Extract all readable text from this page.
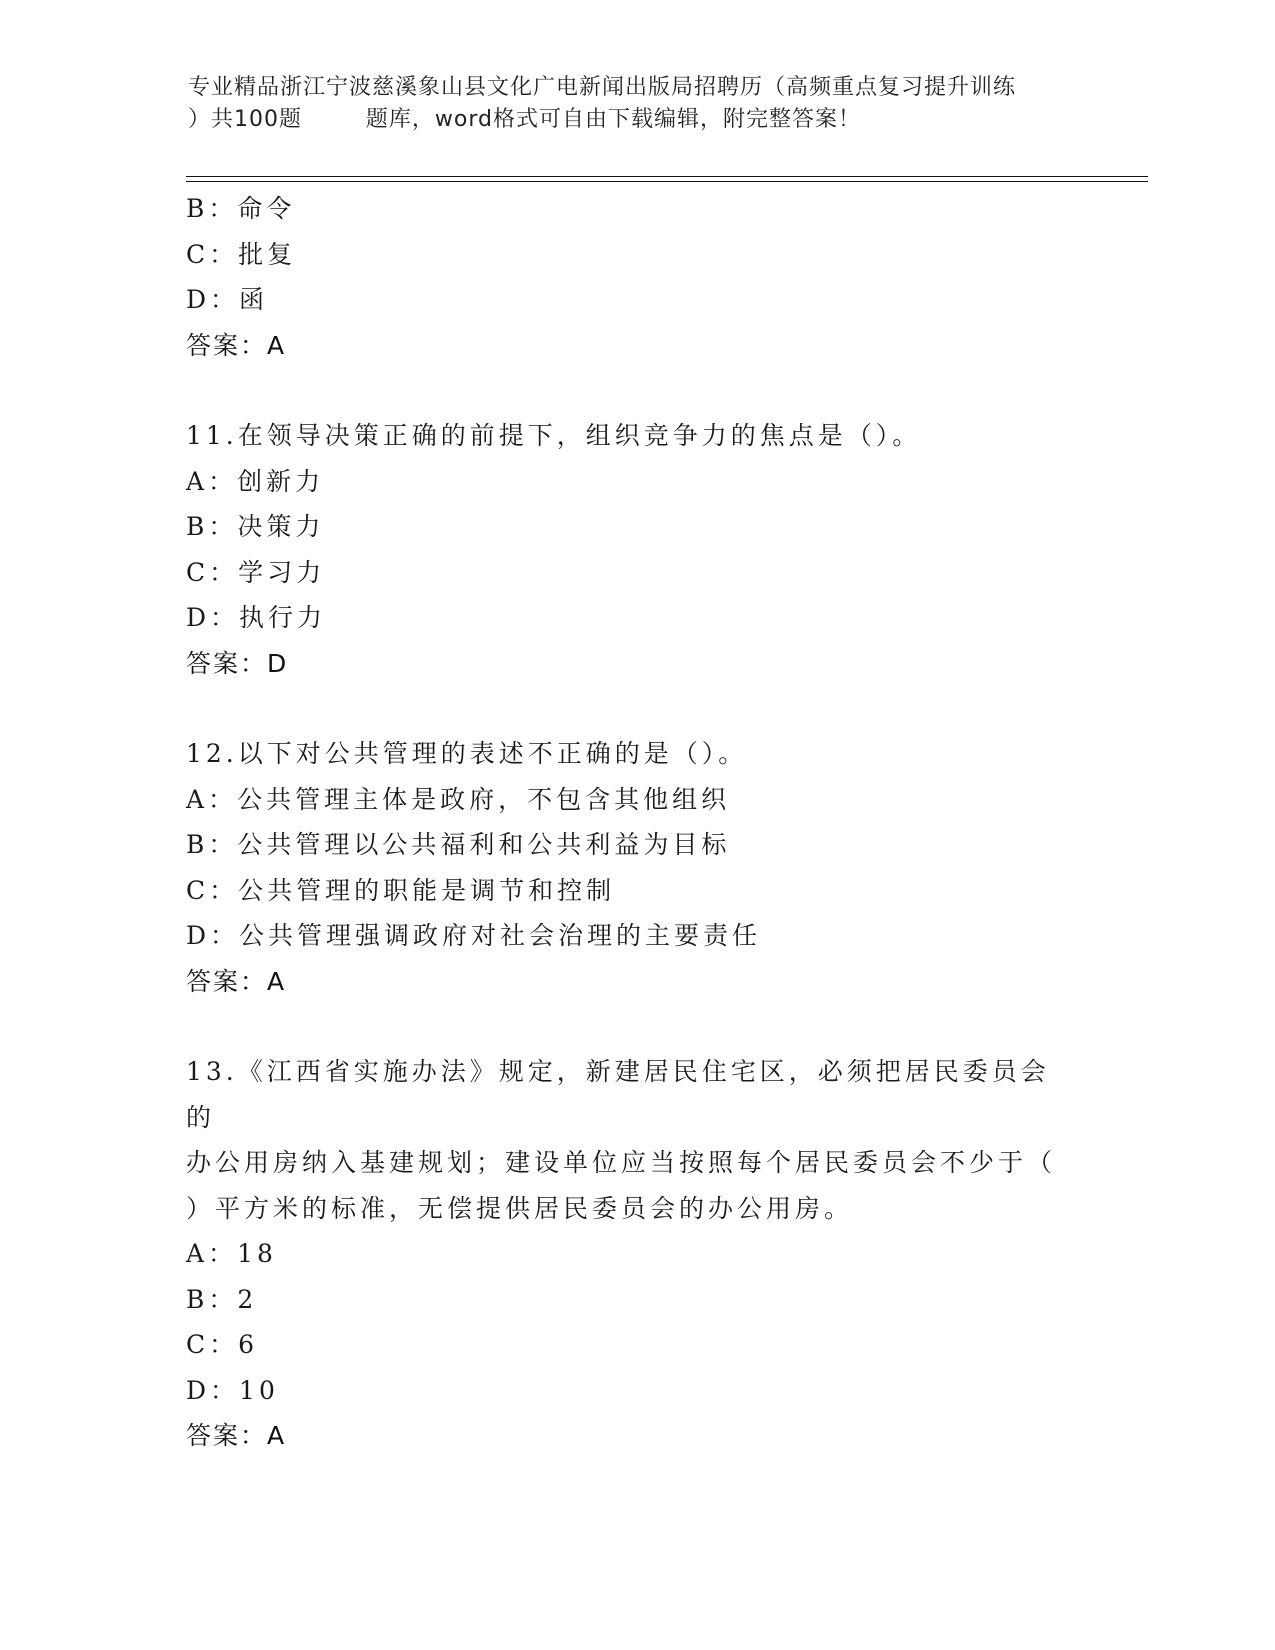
专业精品浙江宁波慈溪象山县文化广电新闻出版局招聘历（高频重点复习提升训练
）共100题        题库，word格式可自由下载编辑，附完整答案！
B：命令
C：批复
D：函
答案：A
11.在领导决策正确的前提下，组织竞争力的焦点是（）。
A：创新力
B：决策力
C：学习力
D：执行力
答案：D
12.以下对公共管理的表述不正确的是（）。
A：公共管理主体是政府，不包含其他组织
B：公共管理以公共福利和公共利益为目标
C：公共管理的职能是调节和控制
D：公共管理强调政府对社会治理的主要责任
答案：A
13.《江西省实施办法》规定，新建居民住宅区，必须把居民委员会的
办公用房纳入基建规划；建设单位应当按照每个居民委员会不少于（
）平方米的标准，无偿提供居民委员会的办公用房。
A：18
B：2
C：6
D：10
答案：A
